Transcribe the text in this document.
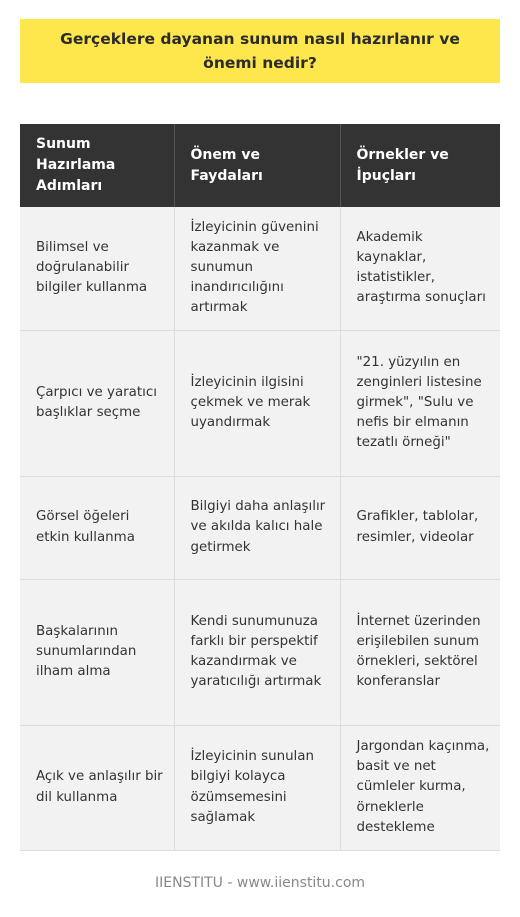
Gerçeklere dayanan sunum nasıl hazırlanır ve önemi nedir?
Sunum Hazırlama Adımları	Önem ve Faydaları	Örnekler ve İpuçları
Bilimsel ve doğrulanabilir bilgiler kullanma	İzleyicinin güvenini kazanmak ve sunumun inandırıcılığını artırmak	Akademik kaynaklar, istatistikler, araştırma sonuçları
Çarpıcı ve yaratıcı başlıklar seçme	İzleyicinin ilgisini çekmek ve merak uyandırmak	"21. yüzyılın en zenginleri listesine girmek", "Sulu ve nefis bir elmanın tezatlı örneği"
Görsel öğeleri etkin kullanma	Bilgiyi daha anlaşılır ve akılda kalıcı hale getirmek	Grafikler, tablolar, resimler, videolar
Başkalarının sunumlarından ilham alma	Kendi sunumunuza farklı bir perspektif kazandırmak ve yaratıcılığı artırmak	İnternet üzerinden erişilebilen sunum örnekleri, sektörel konferanslar
Açık ve anlaşılır bir dil kullanma	İzleyicinin sunulan bilgiyi kolayca özümsemesini sağlamak	Jargondan kaçınma, basit ve net cümleler kurma, örneklerle destekleme
IIENSTITU - www.iienstitu.com
